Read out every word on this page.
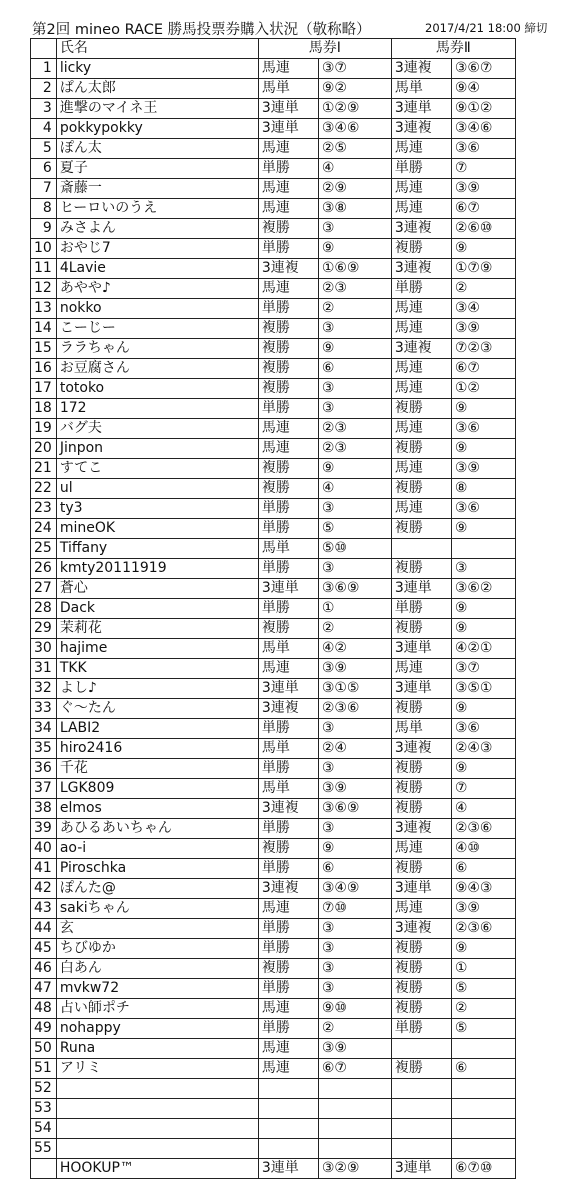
第2回 mineo RACE 勝馬投票券購入状況（敬称略）	2017/4/21 18:00 締切
	氏名	馬券Ⅰ		馬券Ⅱ	
1	licky	馬連	③⑦	3連複	③⑥⑦
2	ぱん太郎	馬単	⑨②	馬単	⑨④
3	進撃のマイネ王	3連単	①②⑨	3連単	⑨①②
4	pokkypokky	3連単	③④⑥	3連複	③④⑥
5	ぽん太	馬連	②⑤	馬連	③⑥
6	夏子	単勝	④	単勝	⑦
7	斎藤一	馬連	②⑨	馬連	③⑨
8	ヒーロいのうえ	馬連	③⑧	馬連	⑥⑦
9	みさよん	複勝	③	3連複	②⑥⑩
10	おやじ7	単勝	⑨	複勝	⑨
11	4Lavie	3連複	①⑥⑨	3連複	①⑦⑨
12	あやや♪	馬連	②③	単勝	②
13	nokko	単勝	②	馬連	③④
14	こーじー	複勝	③	馬連	③⑨
15	ララちゃん	複勝	⑨	3連複	⑦②③
16	お豆腐さん	複勝	⑥	馬連	⑥⑦
17	totoko	複勝	③	馬連	①②
18	172	単勝	③	複勝	⑨
19	バグ夫	馬連	②③	馬連	③⑥
20	Jinpon	馬連	②③	複勝	⑨
21	すてこ	複勝	⑨	馬連	③⑨
22	ul	複勝	④	複勝	⑧
23	ty3	単勝	③	馬連	③⑥
24	mineOK	単勝	⑤	複勝	⑨
25	Tiffany	馬単	⑤⑩		
26	kmty20111919	単勝	③	複勝	③
27	蒼心	3連単	③⑥⑨	3連単	③⑥②
28	Dack	単勝	①	単勝	⑨
29	茉莉花	複勝	②	複勝	⑨
30	hajime	馬単	④②	3連単	④②①
31	TKK	馬連	③⑨	馬連	③⑦
32	よし♪	3連単	③①⑤	3連単	③⑤①
33	ぐ～たん	3連複	②③⑥	複勝	⑨
34	LABI2	単勝	③	馬単	③⑥
35	hiro2416	馬単	②④	3連複	②④③
36	千花	単勝	③	複勝	⑨
37	LGK809	馬単	③⑨	複勝	⑦
38	elmos	3連複	③⑥⑨	複勝	④
39	あひるあいちゃん	単勝	③	3連複	②③⑥
40	ao-i	複勝	⑨	馬連	④⑩
41	Piroschka	単勝	⑥	複勝	⑥
42	ぽんた@	3連複	③④⑨	3連単	⑨④③
43	sakiちゃん	馬連	⑦⑩	馬連	③⑨
44	玄	単勝	③	3連複	②③⑥
45	ちびゆか	単勝	③	複勝	⑨
46	白あん	複勝	③	複勝	①
47	mvkw72	単勝	③	複勝	⑤
48	占い師ポチ	馬連	⑨⑩	複勝	②
49	nohappy	単勝	②	単勝	⑤
50	Runa	馬連	③⑨		
51	アリミ	馬連	⑥⑦	複勝	⑥
52					
53					
54					
55					
	HOOKUP™	3連単	③②⑨	3連単	⑥⑦⑩
